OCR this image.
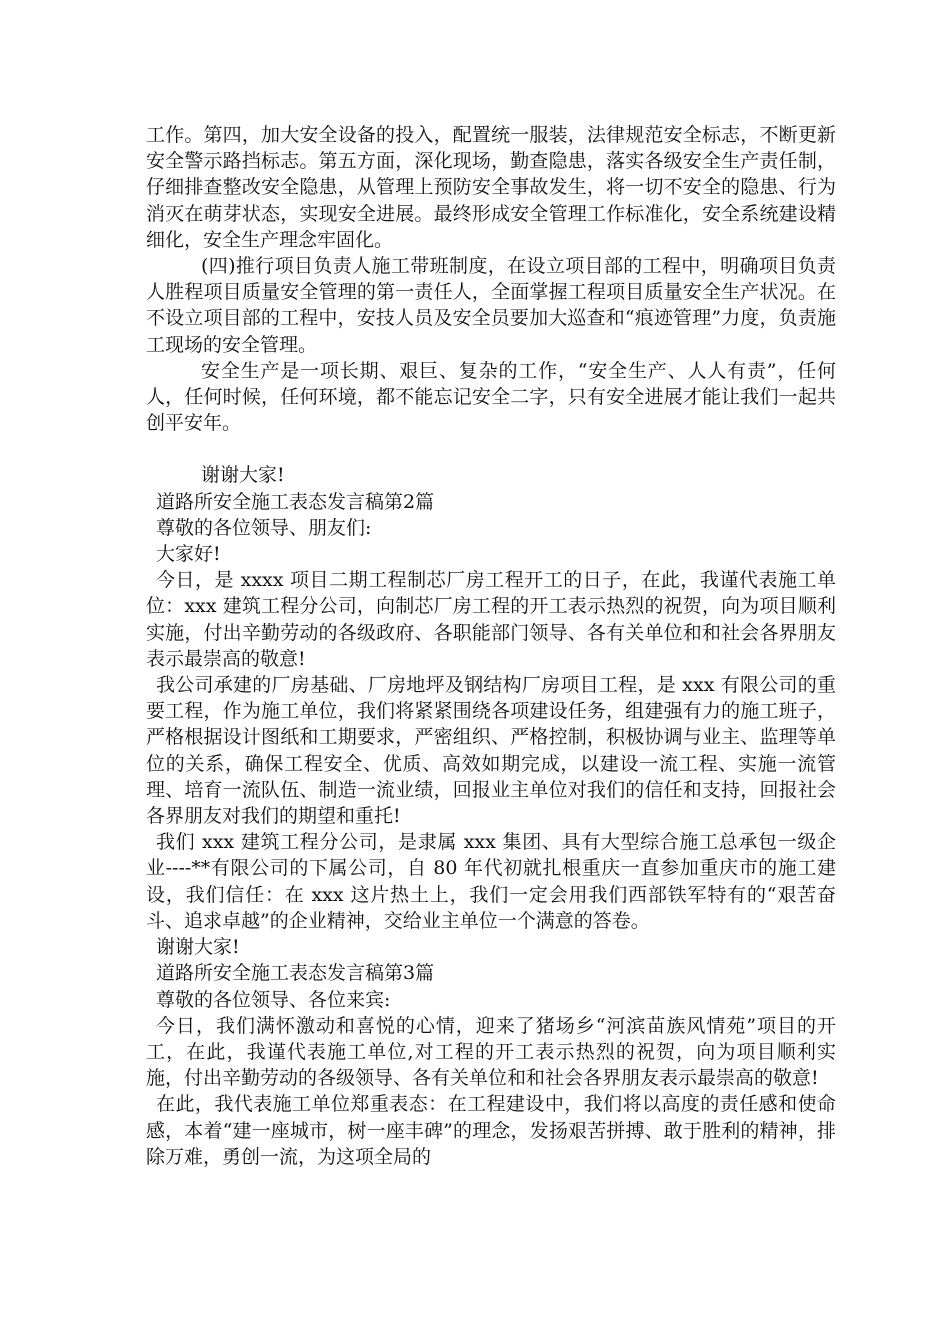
工作。第四，加大安全设备的投入，配置统一服装，法律规范安全标志，不断更新安全警示路挡标志。第五方面，深化现场，勤查隐患，落实各级安全生产责任制，仔细排查整改安全隐患，从管理上预防安全事故发生，将一切不安全的隐患、行为消灭在萌芽状态，实现安全进展。最终形成安全管理工作标准化，安全系统建设精细化，安全生产理念牢固化。

(四)推行项目负责人施工带班制度，在设立项目部的工程中，明确项目负责人胜程项目质量安全管理的第一责任人，全面掌握工程项目质量安全生产状况。在不设立项目部的工程中，安技人员及安全员要加大巡查和“痕迹管理”力度，负责施工现场的安全管理。

安全生产是一项长期、艰巨、复杂的工作，“安全生产、人人有责”，任何人，任何时候，任何环境，都不能忘记安全二字，只有安全进展才能让我们一起共创平安年。

谢谢大家!

道路所安全施工表态发言稿第2篇

尊敬的各位领导、朋友们:

大家好!

今日，是 xxxx 项目二期工程制芯厂房工程开工的日子，在此，我谨代表施工单位：xxx 建筑工程分公司，向制芯厂房工程的开工表示热烈的祝贺，向为项目顺利实施，付出辛勤劳动的各级政府、各职能部门领导、各有关单位和和社会各界朋友表示最崇高的敬意!

我公司承建的厂房基础、厂房地坪及钢结构厂房项目工程，是 xxx 有限公司的重要工程，作为施工单位，我们将紧紧围绕各项建设任务，组建强有力的施工班子，严格根据设计图纸和工期要求，严密组织、严格控制，积极协调与业主、监理等单位的关系，确保工程安全、优质、高效如期完成，以建设一流工程、实施一流管理、培育一流队伍、制造一流业绩，回报业主单位对我们的信任和支持，回报社会各界朋友对我们的期望和重托!

我们 xxx 建筑工程分公司，是隶属 xxx 集团、具有大型综合施工总承包一级企业----**有限公司的下属公司，自 80 年代初就扎根重庆一直参加重庆市的施工建设，我们信任：在 xxx 这片热土上，我们一定会用我们西部铁军特有的“艰苦奋斗、追求卓越”的企业精神，交给业主单位一个满意的答卷。

谢谢大家!

道路所安全施工表态发言稿第3篇

尊敬的各位领导、各位来宾:

今日，我们满怀激动和喜悦的心情，迎来了猪场乡“河滨苗族风情苑”项目的开工，在此，我谨代表施工单位,对工程的开工表示热烈的祝贺，向为项目顺利实施，付出辛勤劳动的各级领导、各有关单位和和社会各界朋友表示最崇高的敬意!

在此，我代表施工单位郑重表态：在工程建设中，我们将以高度的责任感和使命感，本着“建一座城市，树一座丰碑”的理念，发扬艰苦拼搏、敢于胜利的精神，排除万难，勇创一流，为这项全局的
